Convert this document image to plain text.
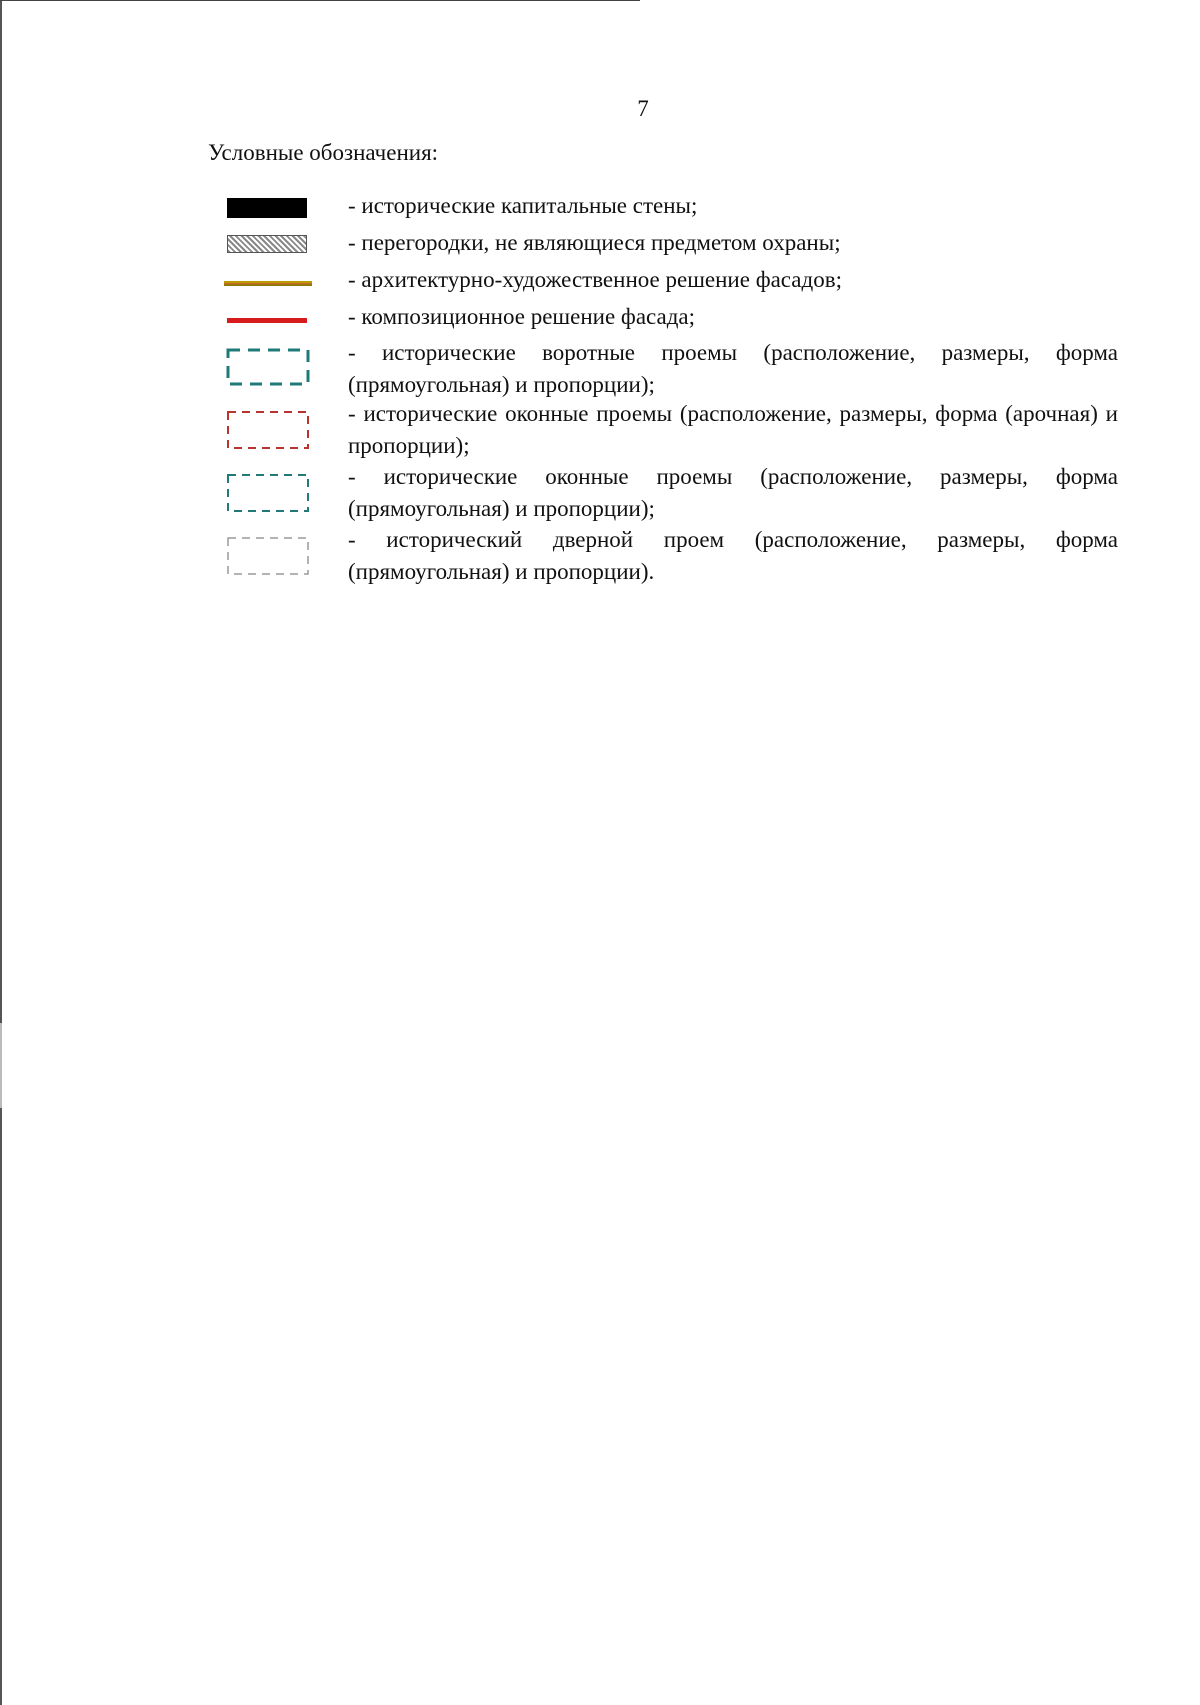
7
Условные обозначения:
- исторические капитальные стены;
- перегородки, не являющиеся предметом охраны;
- архитектурно-художественное решение фасадов;
- композиционное решение фасада;
- исторические воротные проемы (расположение, размеры, форма (прямоугольная) и пропорции);
- исторические оконные проемы (расположение, размеры, форма (арочная) и пропорции);
- исторические оконные проемы (расположение, размеры, форма (прямоугольная) и пропорции);
- исторический дверной проем (расположение, размеры, форма (прямоугольная) и пропорции).
